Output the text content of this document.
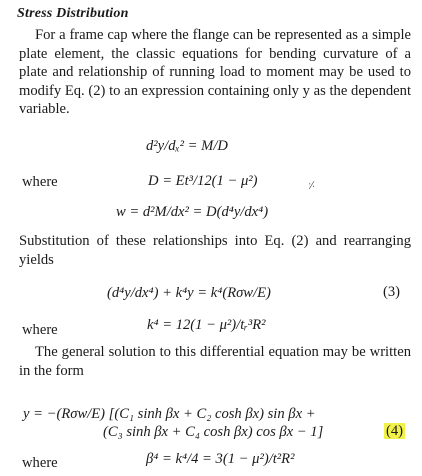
Stress Distribution

For a frame cap where the flange can be represented as a simple plate element, the classic equations for bending curvature of a plate and relationship of running load to moment may be used to modify Eq. (2) to an expression containing only y as the dependent variable.

d²y/dₓ² = M/D
where	D = Et³/12(1 − μ²)	⸓
w = d²M/dx² = D(d⁴y/dx⁴)

Substitution of these relationships into Eq. (2) and rearranging yields

(d⁴y/dx⁴) + k⁴y = k⁴(Rσw/E)	(3)
where	k⁴ = 12(1 − μ²)/tᵣ³R²

The general solution to this differential equation may be written in the form

y = −(Rσw/E) [(C₁ sinh βx + C₂ cosh βx) sin βx +
(C₃ sinh βx + C₄ cosh βx) cos βx − 1]	(4)
where	β⁴ = k⁴/4 = 3(1 − μ²)/t²R²
